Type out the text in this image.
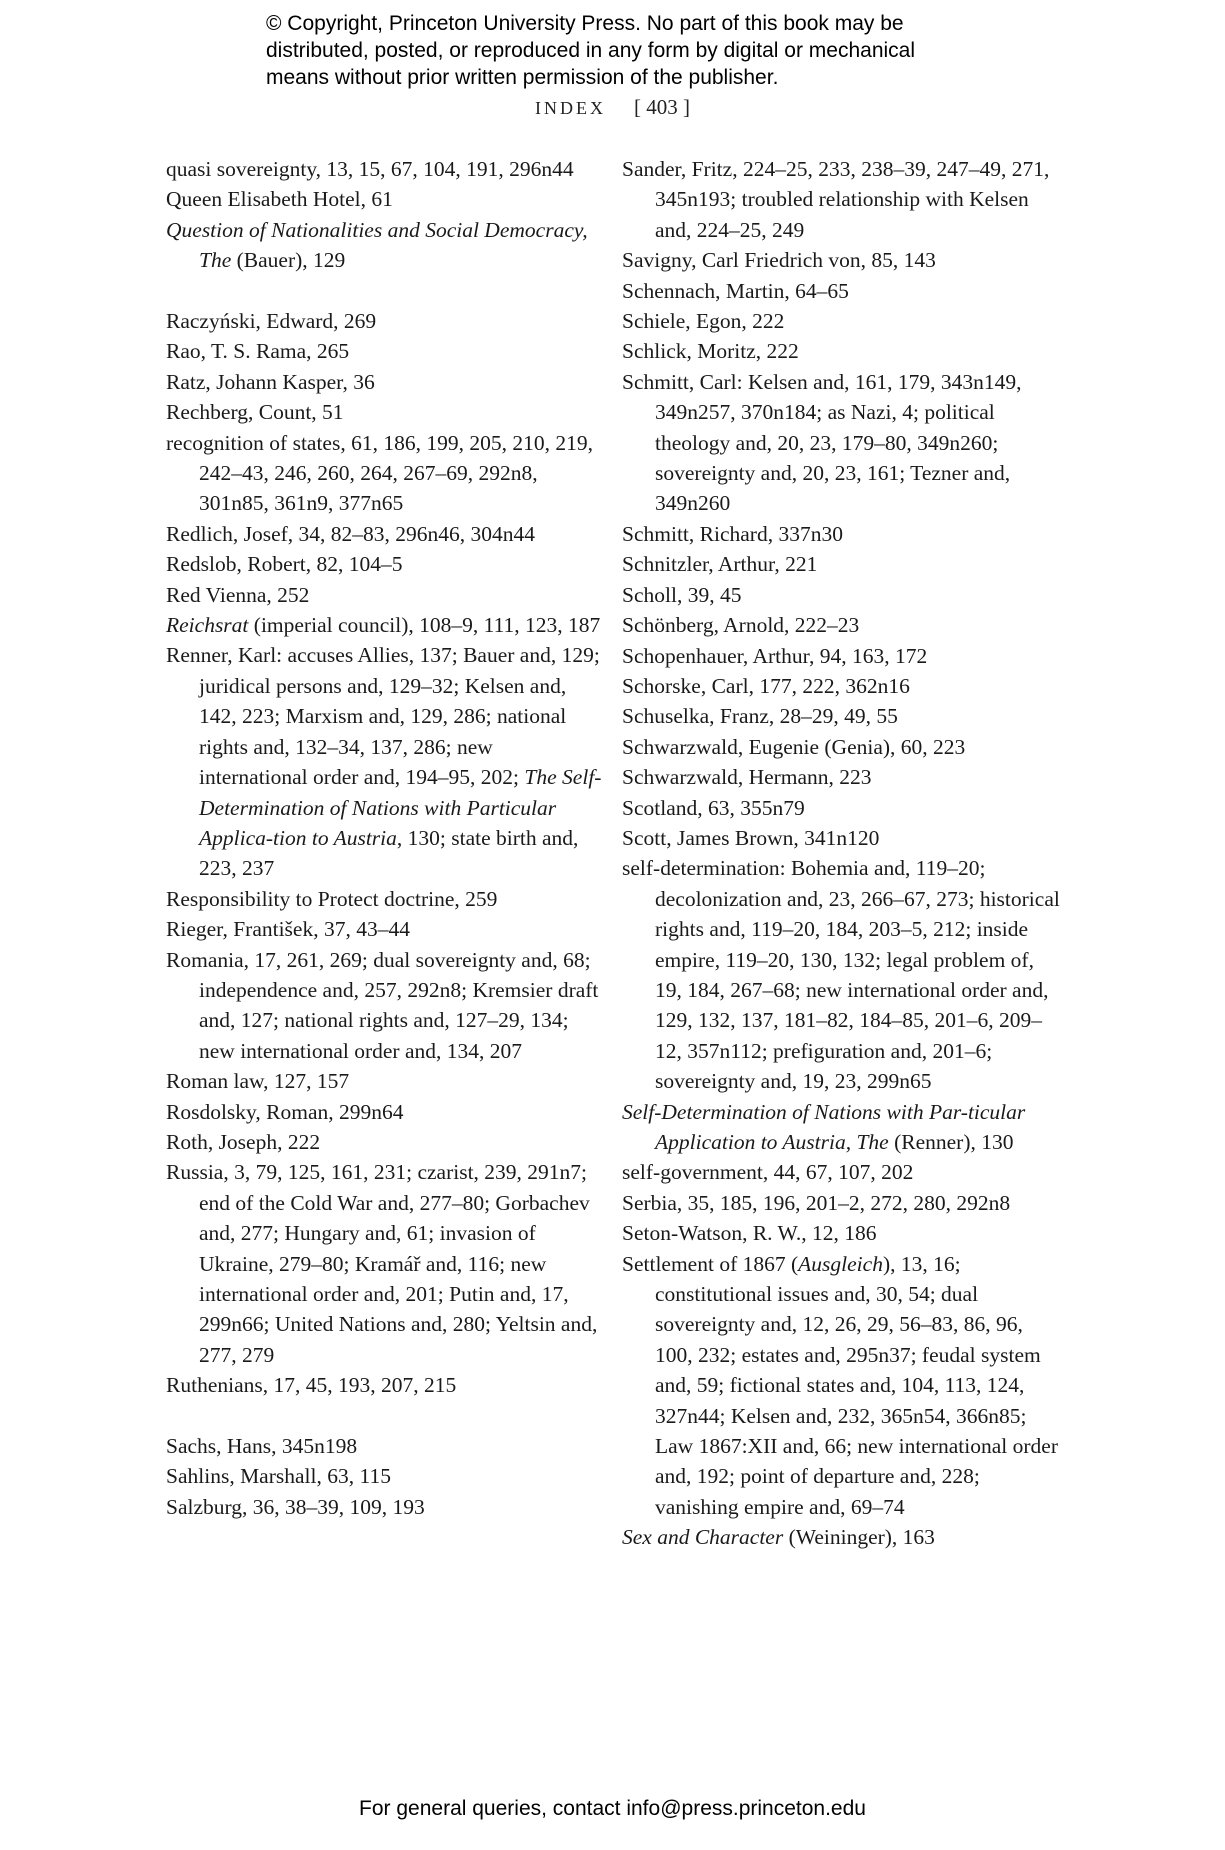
© Copyright, Princeton University Press. No part of this book may be
distributed, posted, or reproduced in any form by digital or mechanical
means without prior written permission of the publisher.
INDEX [ 403 ]
quasi sovereignty, 13, 15, 67, 104, 191, 296n44
Queen Elisabeth Hotel, 61
Question of Nationalities and Social Democracy, The (Bauer), 129
Raczyński, Edward, 269
Rao, T. S. Rama, 265
Ratz, Johann Kasper, 36
Rechberg, Count, 51
recognition of states, 61, 186, 199, 205, 210, 219, 242–43, 246, 260, 264, 267–69, 292n8, 301n85, 361n9, 377n65
Redlich, Josef, 34, 82–83, 296n46, 304n44
Redslob, Robert, 82, 104–5
Red Vienna, 252
Reichsrat (imperial council), 108–9, 111, 123, 187
Renner, Karl: accuses Allies, 137; Bauer and, 129; juridical persons and, 129–32; Kelsen and, 142, 223; Marxism and, 129, 286; national rights and, 132–34, 137, 286; new international order and, 194–95, 202; The Self-Determination of Nations with Particular Applica-tion to Austria, 130; state birth and, 223, 237
Responsibility to Protect doctrine, 259
Rieger, František, 37, 43–44
Romania, 17, 261, 269; dual sovereignty and, 68; independence and, 257, 292n8; Kremsier draft and, 127; national rights and, 127–29, 134; new international order and, 134, 207
Roman law, 127, 157
Rosdolsky, Roman, 299n64
Roth, Joseph, 222
Russia, 3, 79, 125, 161, 231; czarist, 239, 291n7; end of the Cold War and, 277–80; Gorbachev and, 277; Hungary and, 61; invasion of Ukraine, 279–80; Kramář and, 116; new international order and, 201; Putin and, 17, 299n66; United Nations and, 280; Yeltsin and, 277, 279
Ruthenians, 17, 45, 193, 207, 215
Sachs, Hans, 345n198
Sahlins, Marshall, 63, 115
Salzburg, 36, 38–39, 109, 193
Sander, Fritz, 224–25, 233, 238–39, 247–49, 271, 345n193; troubled relationship with Kelsen and, 224–25, 249
Savigny, Carl Friedrich von, 85, 143
Schennach, Martin, 64–65
Schiele, Egon, 222
Schlick, Moritz, 222
Schmitt, Carl: Kelsen and, 161, 179, 343n149, 349n257, 370n184; as Nazi, 4; political theology and, 20, 23, 179–80, 349n260; sovereignty and, 20, 23, 161; Tezner and, 349n260
Schmitt, Richard, 337n30
Schnitzler, Arthur, 221
Scholl, 39, 45
Schönberg, Arnold, 222–23
Schopenhauer, Arthur, 94, 163, 172
Schorske, Carl, 177, 222, 362n16
Schuselka, Franz, 28–29, 49, 55
Schwarzwald, Eugenie (Genia), 60, 223
Schwarzwald, Hermann, 223
Scotland, 63, 355n79
Scott, James Brown, 341n120
self-determination: Bohemia and, 119–20; decolonization and, 23, 266–67, 273; historical rights and, 119–20, 184, 203–5, 212; inside empire, 119–20, 130, 132; legal problem of, 19, 184, 267–68; new international order and, 129, 132, 137, 181–82, 184–85, 201–6, 209–12, 357n112; prefiguration and, 201–6; sovereignty and, 19, 23, 299n65
Self-Determination of Nations with Par-ticular Application to Austria, The (Renner), 130
self-government, 44, 67, 107, 202
Serbia, 35, 185, 196, 201–2, 272, 280, 292n8
Seton-Watson, R. W., 12, 186
Settlement of 1867 (Ausgleich), 13, 16; constitutional issues and, 30, 54; dual sovereignty and, 12, 26, 29, 56–83, 86, 96, 100, 232; estates and, 295n37; feudal system and, 59; fictional states and, 104, 113, 124, 327n44; Kelsen and, 232, 365n54, 366n85; Law 1867:XII and, 66; new international order and, 192; point of departure and, 228; vanishing empire and, 69–74
Sex and Character (Weininger), 163
For general queries, contact info@press.princeton.edu
